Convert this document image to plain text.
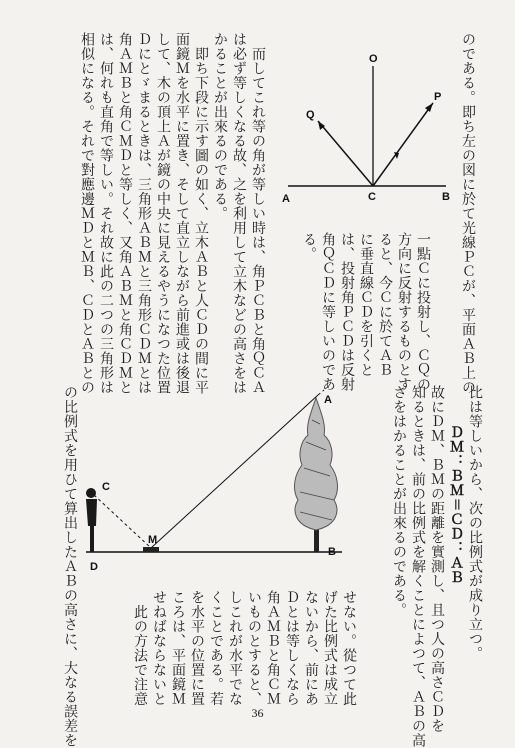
一點Ｃに投射し、ＣＱの
方向に反射するものとす
ると、今Ｃに於てＡＢ
に垂直線ＣＤを引くと
は、投射角ＰＣＤは反射
角ＱＣＤに等しいのであ
る。	のである。即ち左の図に於て光線ＰＣが、平面ＡＢ上の
　而してこれ等の角が等しい時は、角ＰＣＢと角ＱＣＡ
は必ず等しくなる故、之を利用して立木などの高さをは
かることが出來るのである。
　即ち下段に示す圖の如く、立木ＡＢと人ＣＤの間に平
面鏡Ｍを水平に置き、そして直立しながら前進或は後退
して、木の頂上Ａが鏡の中央に見えるやうになつた位置
Ｄにとゞまるときは、三角形ＡＢＭと三角形ＣＤＭとは
角ＡＭＢと角ＣＭＤと等しく、又角ＡＢＭと角ＣＤＭと
は、何れも直角で等しい。それ故に此の二つの三角形は
相似になる。それで對應邊ＭＤとＭＢ、ＣＤとＡＢとの	O
Q
P
A	C	B
比は等しいから、次の比例式が成り立つ。
ＤＭ：ＢＭ＝ＣＤ：ＡＢ
故にＤＭ、ＢＭの距離を實測し、且つ人の高さＣＤを
知るときは、前の比例式を解くことによつて、ＡＢの高
さをはかることが出來るのである。
せない。從つて此
げた比例式は成立
ないから、前にあ
Ｄとは等しくなら
角ＡＭＢと角ＣＭ
いものとすると、
しこれが水平でな
くことである。若
を水平の位置に置
ころは、平面鏡Ｍ
せねばならないと
　此の方法で注意
の比例式を用ひて算出したＡＢの高さに、大なる誤差を	A
C
M
D
B
36
